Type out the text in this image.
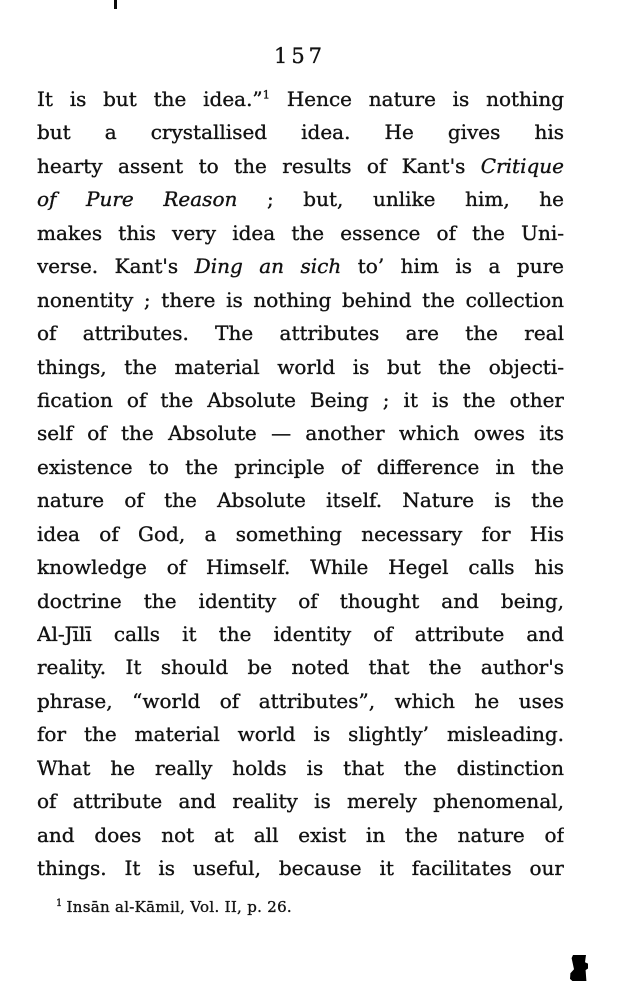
157
It is but the idea.”$^1$ Hence nature is nothing
but a crystallised idea. He gives his
hearty assent to the results of Kant's Critique
of Pure Reason ; but, unlike him, he
makes this very idea the essence of the Uni-
verse. Kant's Ding an sich to’ him is a pure
nonentity ; there is nothing behind the collection
of attributes. The attributes are the real
things, the material world is but the objecti-
fication of the Absolute Being ; it is the other
self of the Absolute — another which owes its
existence to the principle of difference in the
nature of the Absolute itself. Nature is the
idea of God, a something necessary for His
knowledge of Himself. While Hegel calls his
doctrine the identity of thought and being,
Al-Jīlī calls it the identity of attribute and
reality. It should be noted that the author's
phrase, “world of attributes”, which he uses
for the material world is slightly’ misleading.
What he really holds is that the distinction
of attribute and reality is merely phenomenal,
and does not at all exist in the nature of
things. It is useful, because it facilitates our
$^1$ Insān al-Kāmil, Vol. II, p. 26.
